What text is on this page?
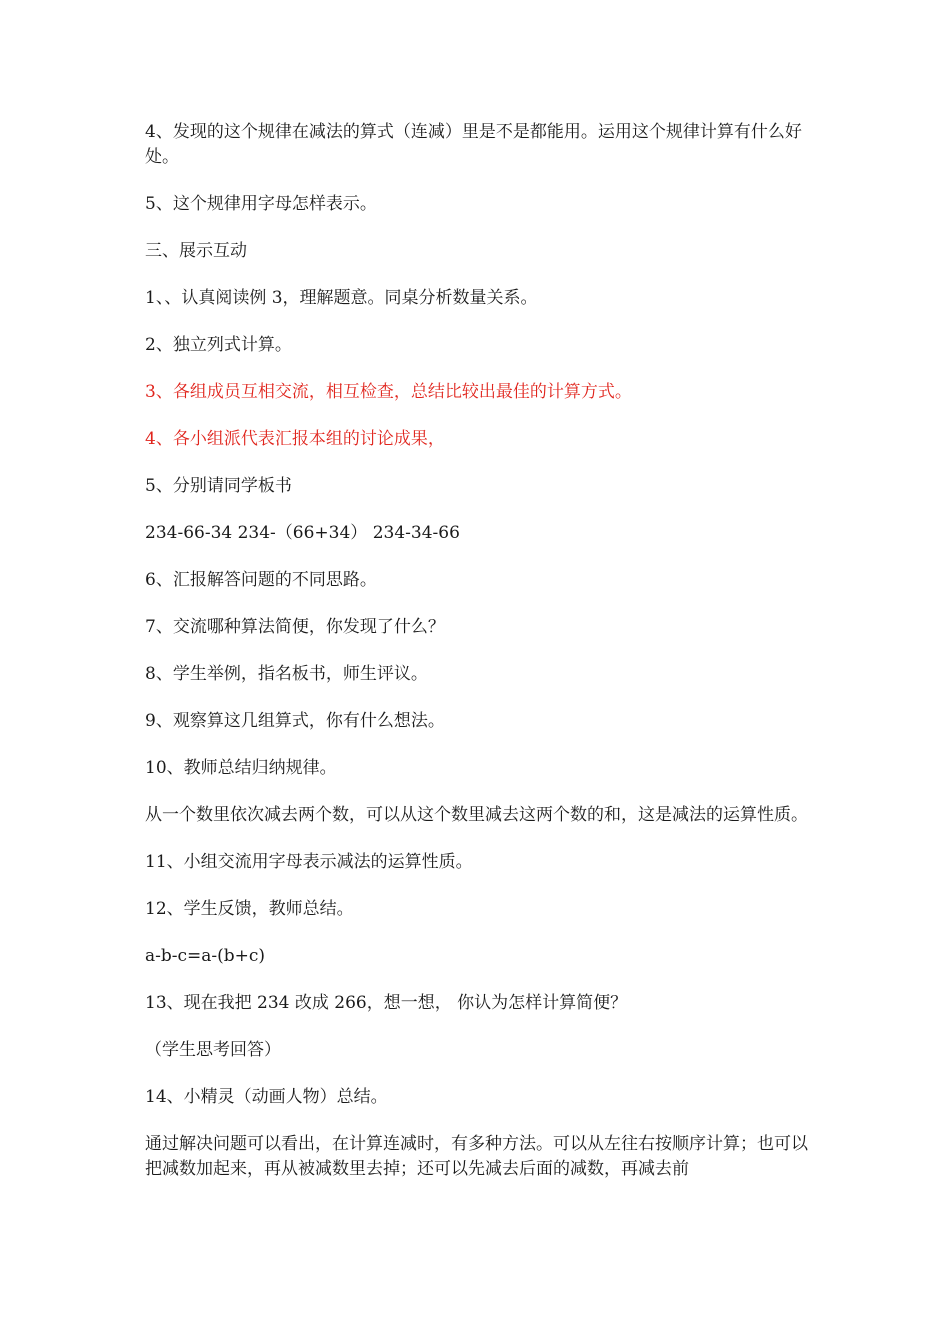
4、发现的这个规律在减法的算式（连减）里是不是都能用。运用这个规律计算有什么好处。

5、这个规律用字母怎样表示。

三、展示互动

1、、认真阅读例 3，理解题意。同桌分析数量关系。

2、独立列式计算。

3、各组成员互相交流，相互检查，总结比较出最佳的计算方式。

4、各小组派代表汇报本组的讨论成果，

5、分别请同学板书

234-66-34 234-（66+34） 234-34-66

6、汇报解答问题的不同思路。

7、交流哪种算法简便，你发现了什么？

8、学生举例，指名板书，师生评议。

9、观察算这几组算式，你有什么想法。

10、教师总结归纳规律。

从一个数里依次减去两个数，可以从这个数里减去这两个数的和，这是减法的运算性质。

11、小组交流用字母表示减法的运算性质。

12、学生反馈，教师总结。

a-b-c=a-(b+c)

13、现在我把 234 改成 266，想一想， 你认为怎样计算简便？

（学生思考回答）

14、小精灵（动画人物）总结。

通过解决问题可以看出，在计算连减时，有多种方法。可以从左往右按顺序计算；也可以把减数加起来，再从被减数里去掉；还可以先减去后面的减数，再减去前
